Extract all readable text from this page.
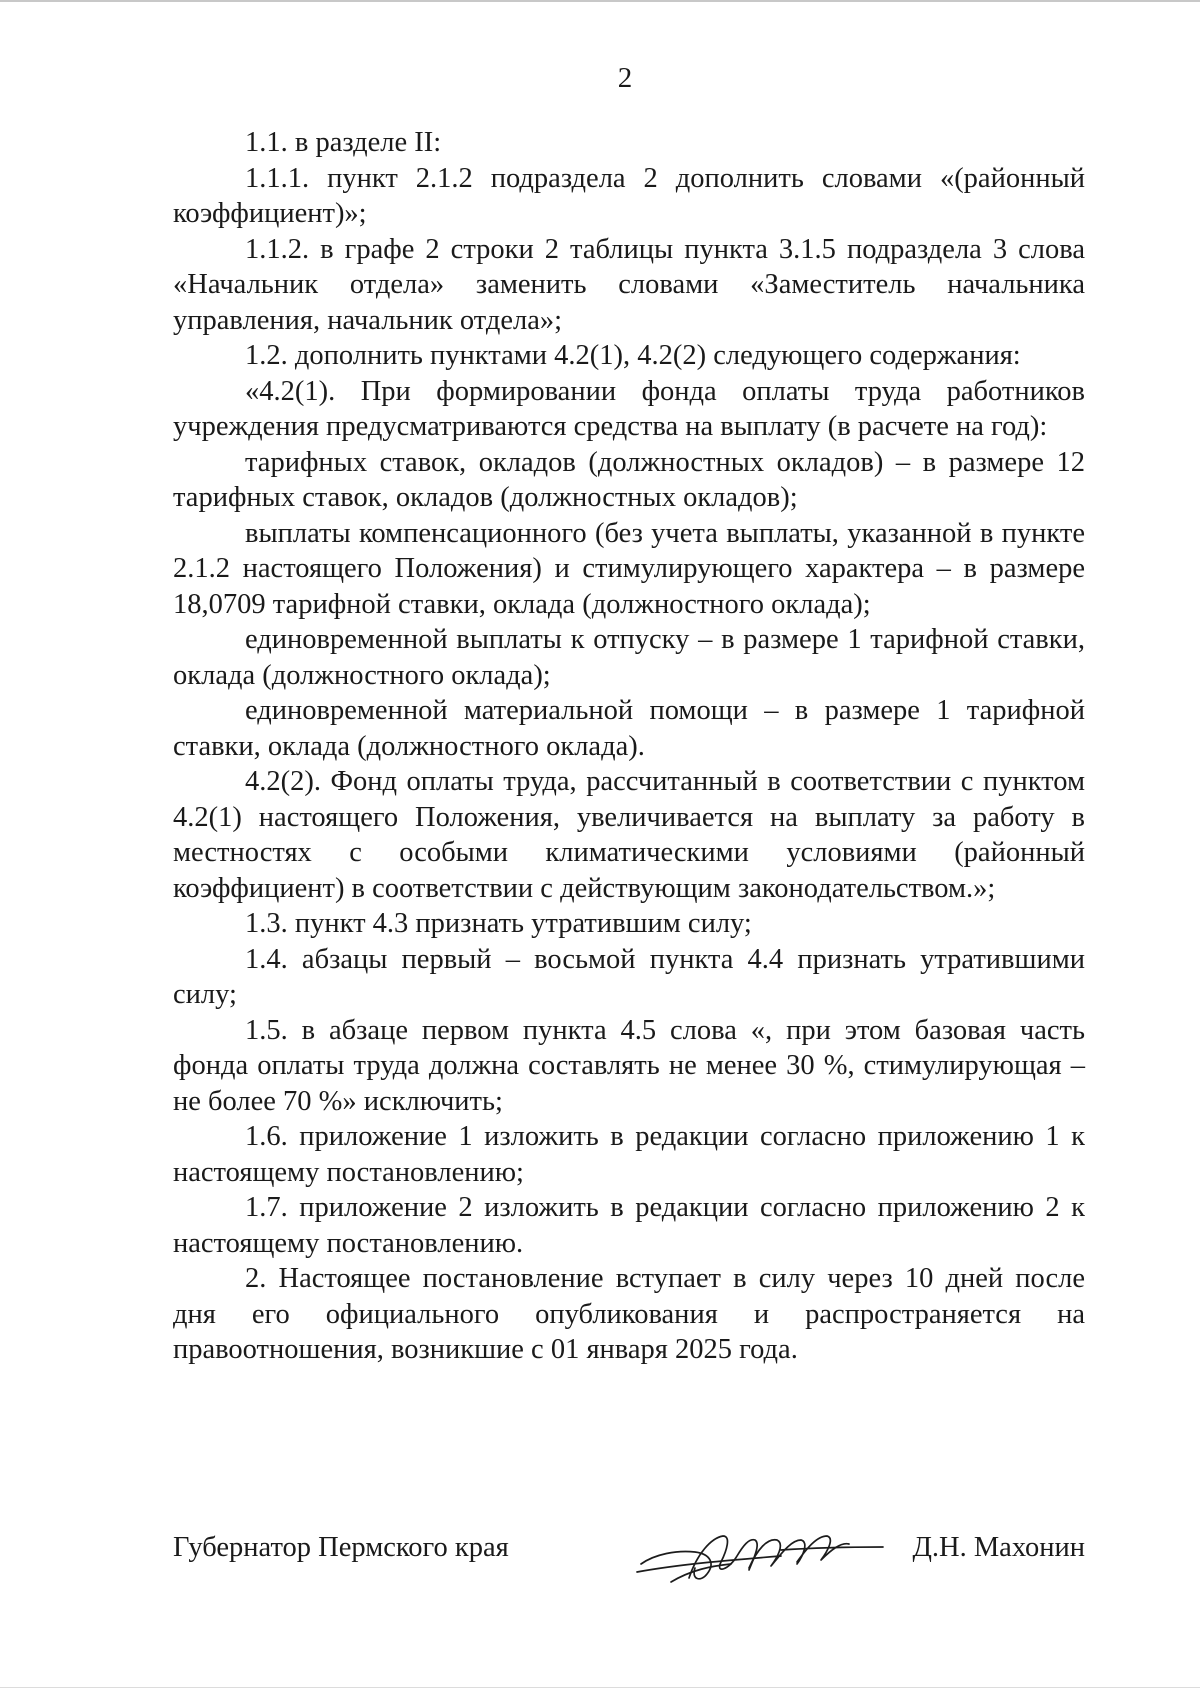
2

1.1. в разделе II:

1.1.1. пункт 2.1.2 подраздела 2 дополнить словами «(районный коэффициент)»;

1.1.2. в графе 2 строки 2 таблицы пункта 3.1.5 подраздела 3 слова «Начальник отдела» заменить словами «Заместитель начальника управления, начальник отдела»;

1.2. дополнить пунктами 4.2(1), 4.2(2) следующего содержания:

«4.2(1). При формировании фонда оплаты труда работников учреждения предусматриваются средства на выплату (в расчете на год):

тарифных ставок, окладов (должностных окладов) – в размере 12 тарифных ставок, окладов (должностных окладов);

выплаты компенсационного (без учета выплаты, указанной в пункте 2.1.2 настоящего Положения) и стимулирующего характера – в размере 18,0709 тарифной ставки, оклада (должностного оклада);

единовременной выплаты к отпуску – в размере 1 тарифной ставки, оклада (должностного оклада);

единовременной материальной помощи – в размере 1 тарифной ставки, оклада (должностного оклада).

4.2(2). Фонд оплаты труда, рассчитанный в соответствии с пунктом 4.2(1) настоящего Положения, увеличивается на выплату за работу в местностях с особыми климатическими условиями (районный коэффициент) в соответствии с действующим законодательством.»;

1.3. пункт 4.3 признать утратившим силу;

1.4. абзацы первый – восьмой пункта 4.4 признать утратившими силу;

1.5. в абзаце первом пункта 4.5 слова «, при этом базовая часть фонда оплаты труда должна составлять не менее 30 %, стимулирующая – не более 70 %» исключить;

1.6. приложение 1 изложить в редакции согласно приложению 1 к настоящему постановлению;

1.7. приложение 2 изложить в редакции согласно приложению 2 к настоящему постановлению.

2. Настоящее постановление вступает в силу через 10 дней после дня его официального опубликования и распространяется на правоотношения, возникшие с 01 января 2025 года.

Губернатор Пермского края	Д.Н. Махонин
